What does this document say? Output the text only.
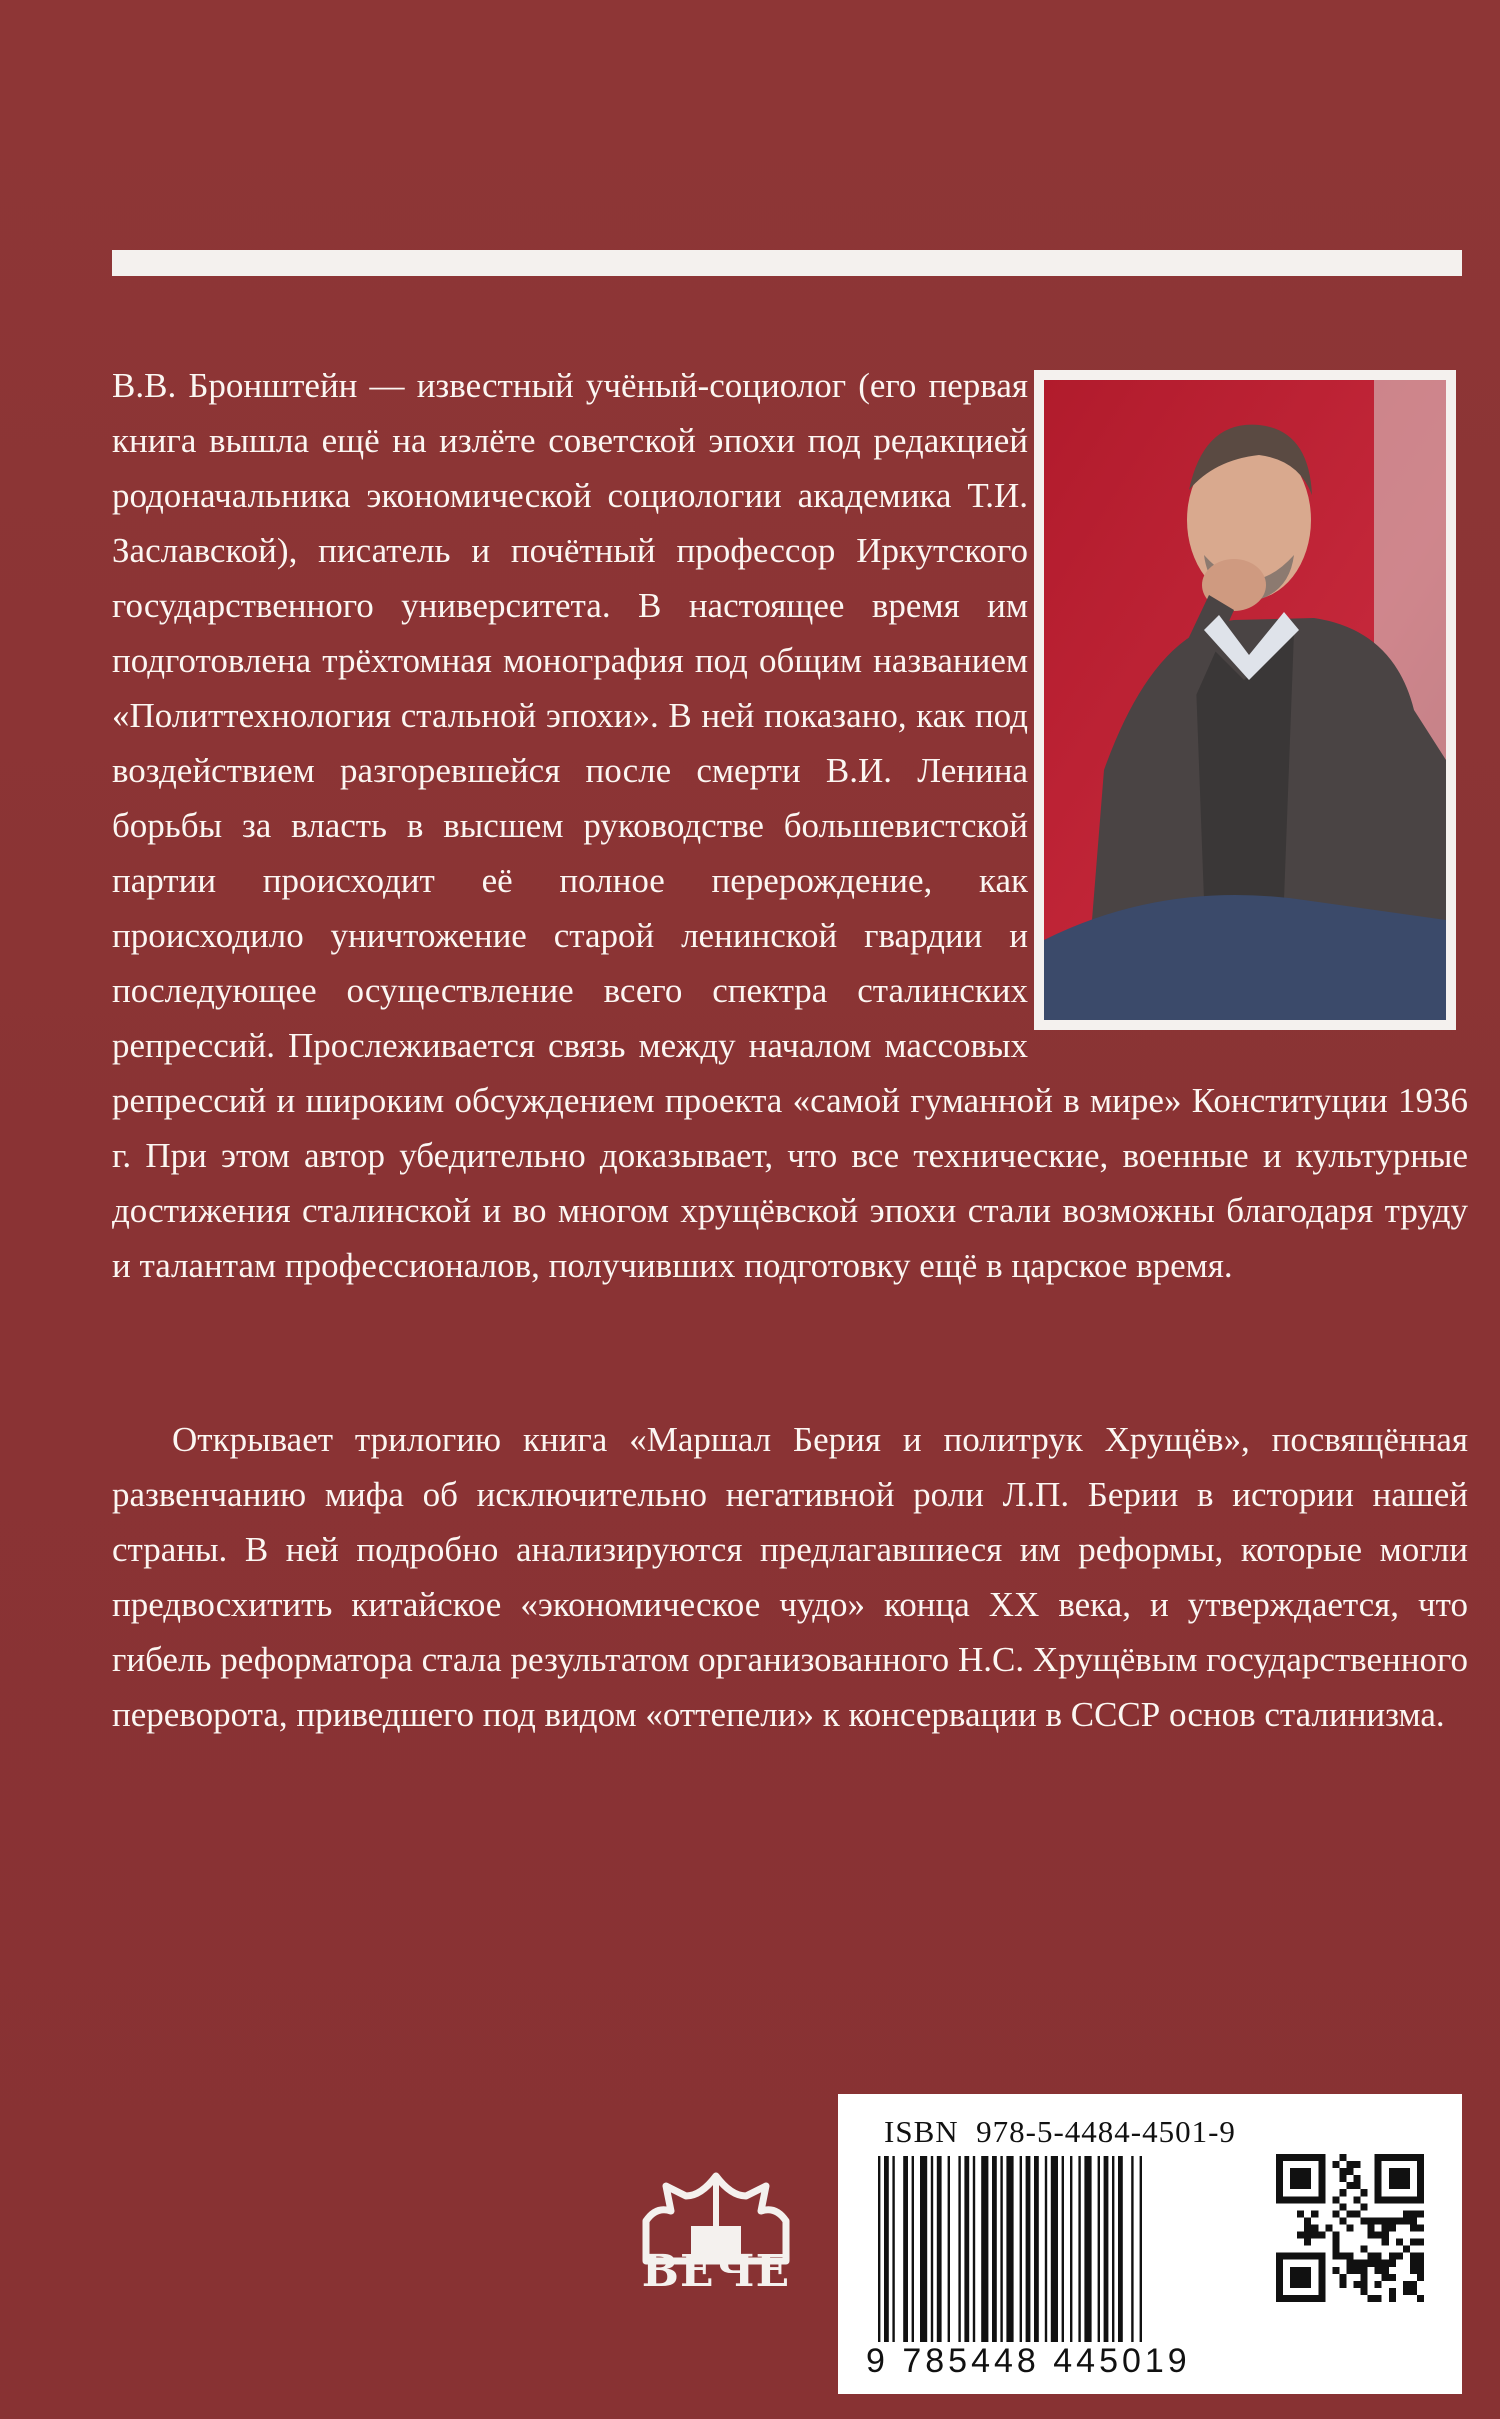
В.В. Бронштейн — известный учёный-социолог (его первая книга вышла ещё на излёте советской эпохи под редакцией родоначальника экономической социологии академика Т.И. Заславской), писатель и почётный профессор Иркутского государственного университета. В настоящее время им подготовлена трёхтомная монография под общим названием «Политтехнология стальной эпохи». В ней показано, как под воздействием разгоревшейся после смерти В.И. Ленина борьбы за власть в высшем руководстве большевистской партии происходит её полное перерождение, как происходило уничтожение старой ленинской гвардии и последующее осуществление всего спектра сталинских репрессий. Прослеживается связь между началом массовых репрессий и широким обсуждением проекта «самой гуманной в мире» Конституции 1936 г. При этом автор убедительно доказывает, что все технические, военные и культурные достижения сталинской и во многом хрущёвской эпохи стали возможны благодаря труду и талантам профессионалов, получивших подготовку ещё в царское время.

Открывает трилогию книга «Маршал Берия и политрук Хрущёв», посвящённая развенчанию мифа об исключительно негативной роли Л.П. Берии в истории нашей страны. В ней подробно анализируются предлагавшиеся им реформы, которые могли предвосхитить китайское «экономическое чудо» конца XX века, и утверждается, что гибель реформатора стала результатом организованного Н.С. Хрущёвым государственного переворота, приведшего под видом «оттепели» к консервации в СССР основ сталинизма.

ВЕЧЕ
ISBN  978-5-4484-4501-9
9 785448 445019
